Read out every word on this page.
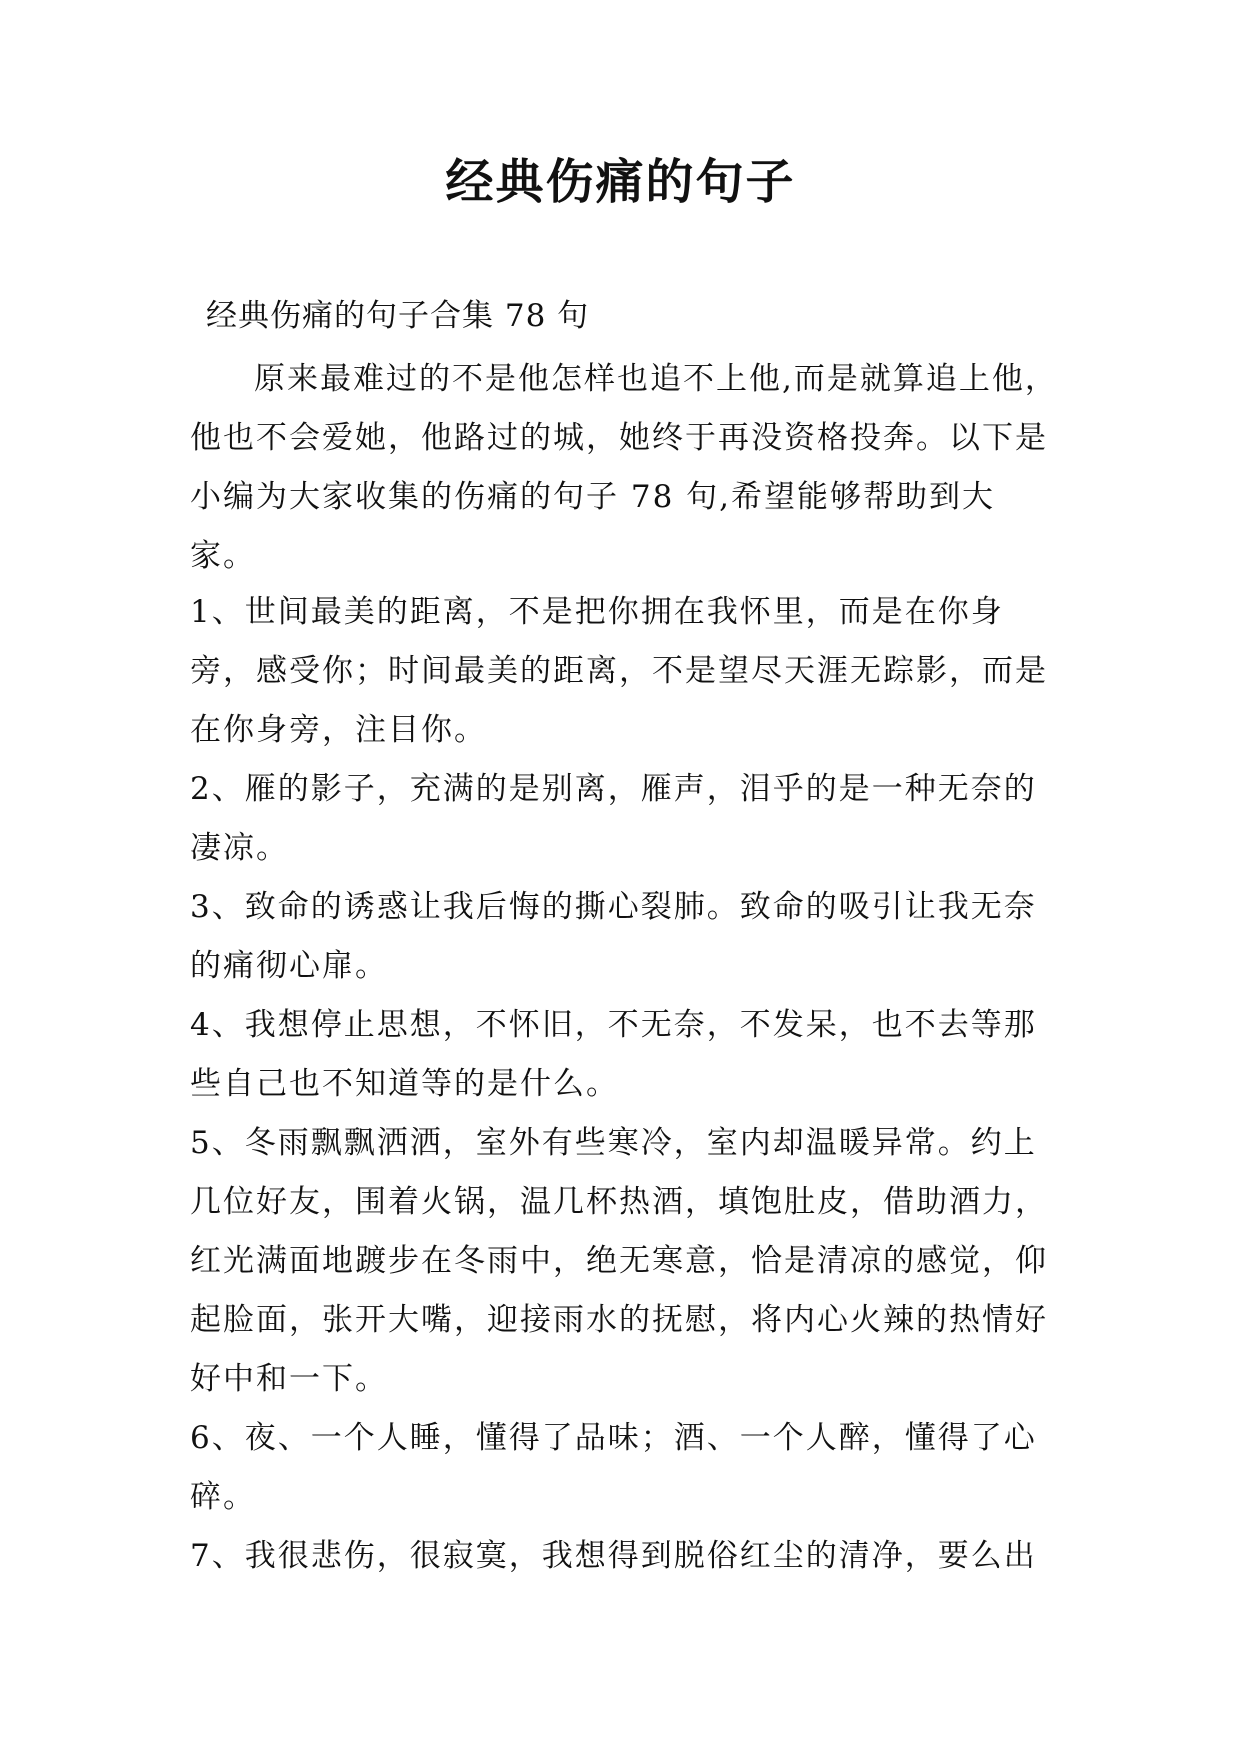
经典伤痛的句子

经典伤痛的句子合集 78 句

原来最难过的不是他怎样也追不上他,而是就算追上他，他也不会爱她，他路过的城，她终于再没资格投奔。以下是小编为大家收集的伤痛的句子 78 句,希望能够帮助到大家。

1、世间最美的距离，不是把你拥在我怀里，而是在你身旁，感受你；时间最美的距离，不是望尽天涯无踪影，而是在你身旁，注目你。

2、雁的影子，充满的是别离，雁声，泪乎的是一种无奈的凄凉。

3、致命的诱惑让我后悔的撕心裂肺。致命的吸引让我无奈的痛彻心扉。

4、我想停止思想，不怀旧，不无奈，不发呆，也不去等那些自己也不知道等的是什么。

5、冬雨飘飘洒洒，室外有些寒冷，室内却温暖异常。约上几位好友，围着火锅，温几杯热酒，填饱肚皮，借助酒力，红光满面地踱步在冬雨中，绝无寒意，恰是清凉的感觉，仰起脸面，张开大嘴，迎接雨水的抚慰，将内心火辣的热情好好中和一下。

6、夜、一个人睡，懂得了品味；酒、一个人醉，懂得了心碎。

7、我很悲伤，很寂寞，我想得到脱俗红尘的清净，要么出
